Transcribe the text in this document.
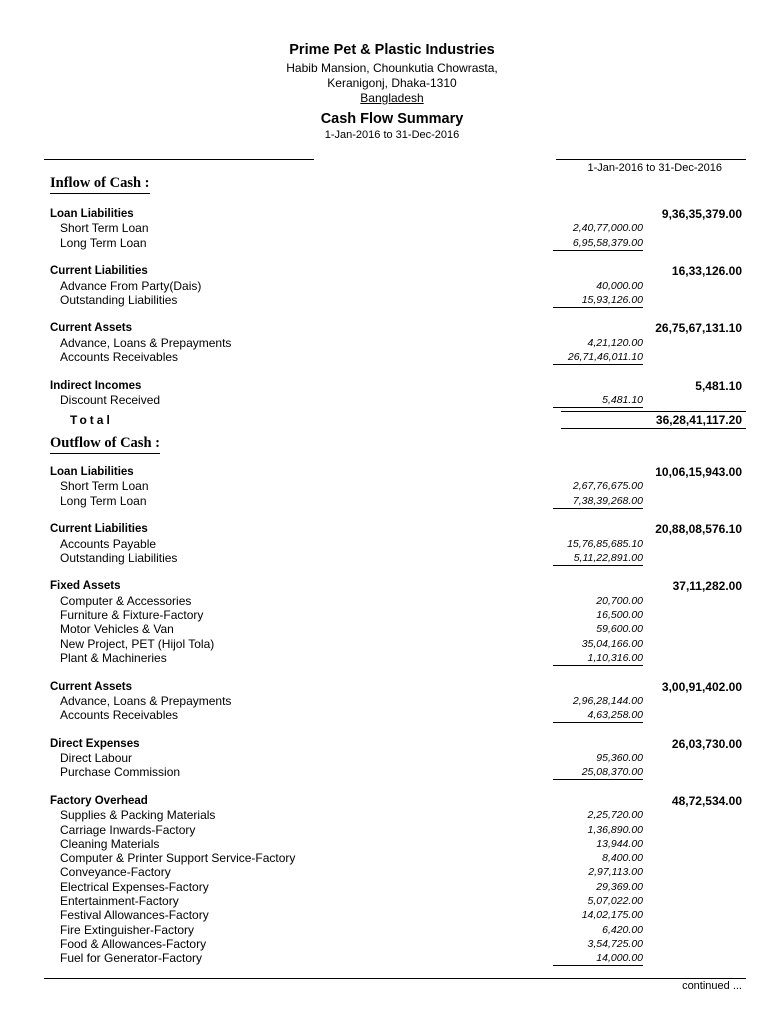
Prime Pet & Plastic Industries
Habib Mansion, Chounkutia Chowrasta,
Keranigonj, Dhaka-1310
Bangladesh
Cash Flow Summary
1-Jan-2016 to 31-Dec-2016
1-Jan-2016 to 31-Dec-2016
Inflow of Cash :
Loan Liabilities	9,36,35,379.00
Short Term Loan	2,40,77,000.00
Long Term Loan	6,95,58,379.00
Current Liabilities	16,33,126.00
Advance From Party(Dais)	40,000.00
Outstanding Liabilities	15,93,126.00
Current Assets	26,75,67,131.10
Advance, Loans & Prepayments	4,21,120.00
Accounts Receivables	26,71,46,011.10
Indirect Incomes	5,481.10
Discount Received	5,481.10
Total	36,28,41,117.20
Outflow of Cash :
Loan Liabilities	10,06,15,943.00
Short Term Loan	2,67,76,675.00
Long Term Loan	7,38,39,268.00
Current Liabilities	20,88,08,576.10
Accounts Payable	15,76,85,685.10
Outstanding Liabilities	5,11,22,891.00
Fixed Assets	37,11,282.00
Computer & Accessories	20,700.00
Furniture & Fixture-Factory	16,500.00
Motor Vehicles & Van	59,600.00
New Project, PET (Hijol Tola)	35,04,166.00
Plant & Machineries	1,10,316.00
Current Assets	3,00,91,402.00
Advance, Loans & Prepayments	2,96,28,144.00
Accounts Receivables	4,63,258.00
Direct Expenses	26,03,730.00
Direct Labour	95,360.00
Purchase Commission	25,08,370.00
Factory Overhead	48,72,534.00
Supplies & Packing Materials	2,25,720.00
Carriage Inwards-Factory	1,36,890.00
Cleaning Materials	13,944.00
Computer & Printer Support Service-Factory	8,400.00
Conveyance-Factory	2,97,113.00
Electrical Expenses-Factory	29,369.00
Entertainment-Factory	5,07,022.00
Festival Allowances-Factory	14,02,175.00
Fire Extinguisher-Factory	6,420.00
Food & Allowances-Factory	3,54,725.00
Fuel for Generator-Factory	14,000.00
continued ...
